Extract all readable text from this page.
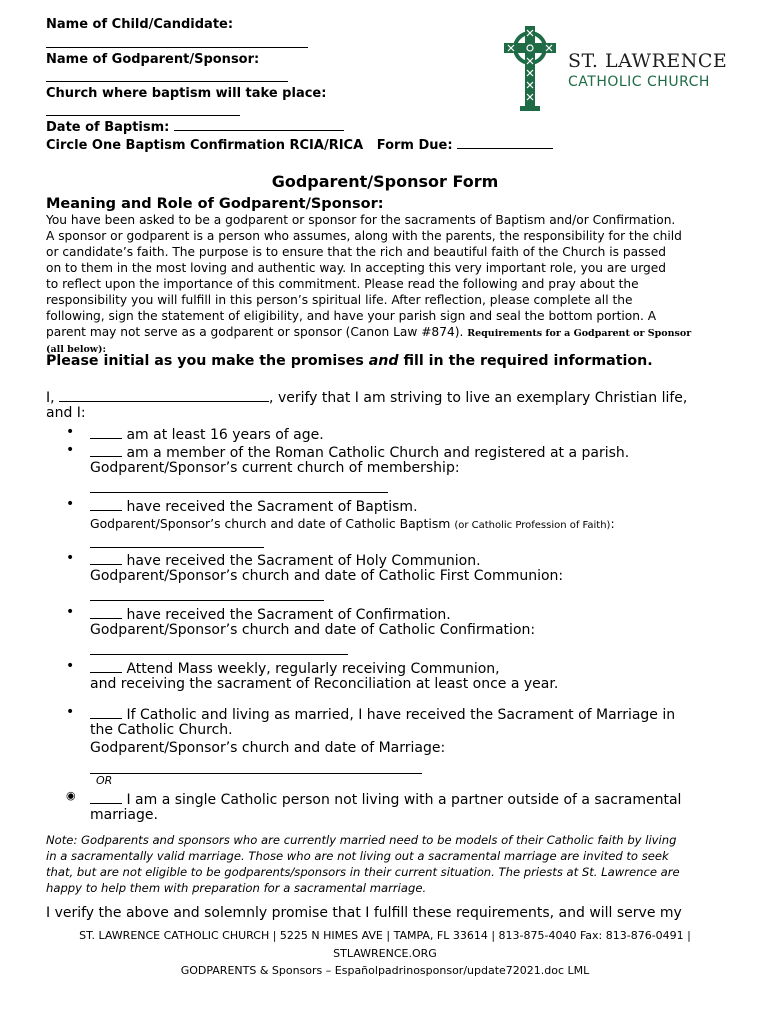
Name of Child/Candidate:
Name of Godparent/Sponsor:
Church where baptism will take place:
Date of Baptism:
Circle One Baptism Confirmation RCIA/RICA Form Due:
ST. LAWRENCE
CATHOLIC CHURCH
Godparent/Sponsor Form
Meaning and Role of Godparent/Sponsor:
You have been asked to be a godparent or sponsor for the sacraments of Baptism and/or Confirmation.
A sponsor or godparent is a person who assumes, along with the parents, the responsibility for the child
or candidate’s faith. The purpose is to ensure that the rich and beautiful faith of the Church is passed
on to them in the most loving and authentic way. In accepting this very important role, you are urged
to reflect upon the importance of this commitment. Please read the following and pray about the
responsibility you will fulfill in this person’s spiritual life. After reflection, please complete all the
following, sign the statement of eligibility, and have your parish sign and seal the bottom portion. A
parent may not serve as a godparent or sponsor (Canon Law #874). Requirements for a Godparent or Sponsor
(all below):
Please initial as you make the promises and fill in the required information.
I,	, verify that I am striving to live an exemplary Christian life,
and I:
•	am at least 16 years of age.
•	am a member of the Roman Catholic Church and registered at a parish.
Godparent/Sponsor’s current church of membership:
•	have received the Sacrament of Baptism.
Godparent/Sponsor’s church and date of Catholic Baptism (or Catholic Profession of Faith):
•	have received the Sacrament of Holy Communion.
Godparent/Sponsor’s church and date of Catholic First Communion:
•	have received the Sacrament of Confirmation.
Godparent/Sponsor’s church and date of Catholic Confirmation:
•	Attend Mass weekly, regularly receiving Communion,
and receiving the sacrament of Reconciliation at least once a year.
•	If Catholic and living as married, I have received the Sacrament of Marriage in
the Catholic Church.
Godparent/Sponsor’s church and date of Marriage:
OR
◉	I am a single Catholic person not living with a partner outside of a sacramental
marriage.
Note: Godparents and sponsors who are currently married need to be models of their Catholic faith by living
in a sacramentally valid marriage. Those who are not living out a sacramental marriage are invited to seek
that, but are not eligible to be godparents/sponsors in their current situation. The priests at St. Lawrence are
happy to help them with preparation for a sacramental marriage.
I verify the above and solemnly promise that I fulfill these requirements, and will serve my
ST. LAWRENCE CATHOLIC CHURCH | 5225 N HIMES AVE | TAMPA, FL 33614 | 813-875-4040 Fax: 813-876-0491 |
STLAWRENCE.ORG
GODPARENTS & Sponsors – Españolpadrinosponsor/update72021.doc LML
